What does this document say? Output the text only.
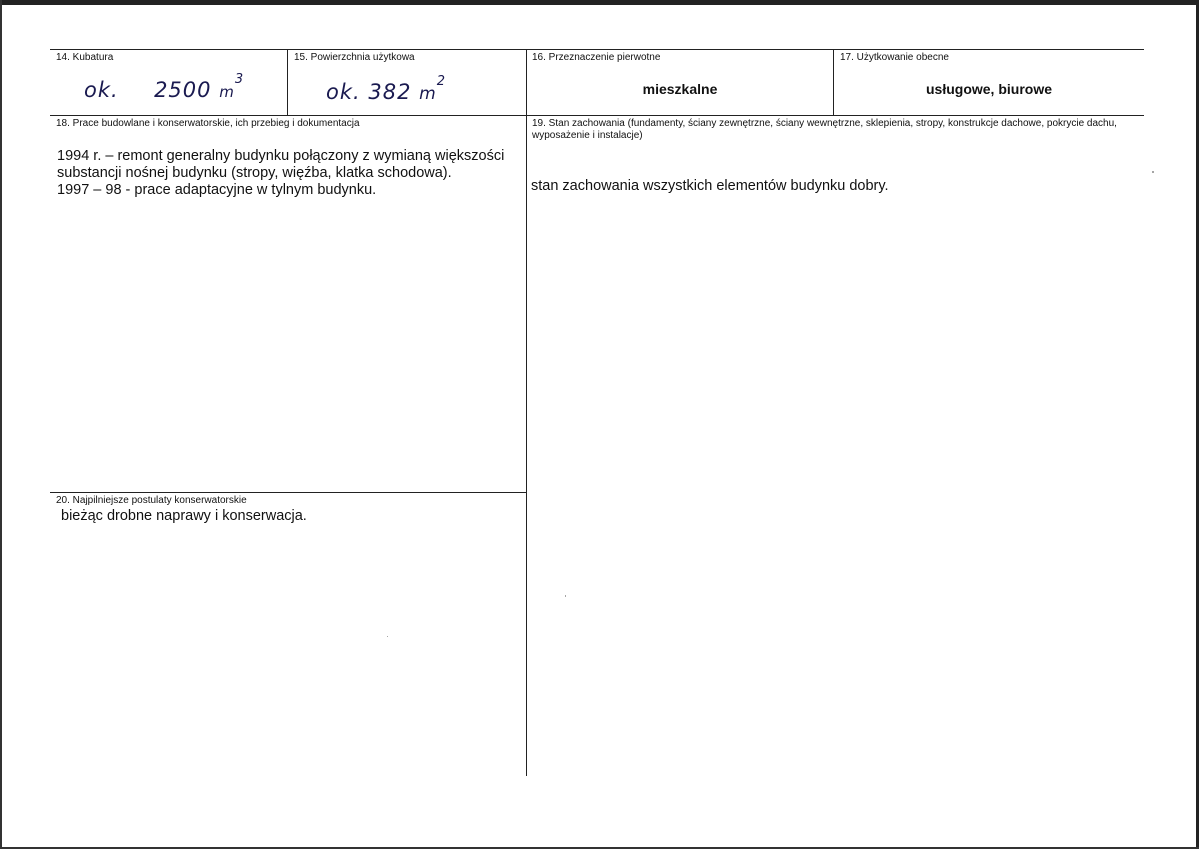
14. Kubatura
ok. 2500 $m^3$
15. Powierzchnia użytkowa
ok. 382 $m^2$
16. Przeznaczenie pierwotne
mieszkalne
17. Użytkowanie obecne
usługowe, biurowe
18. Prace budowlane i konserwatorskie, ich przebieg i dokumentacja
1994 r. – remont generalny budynku połączony z wymianą większości
substancji nośnej budynku (stropy, więźba, klatka schodowa).
1997 – 98 - prace adaptacyjne w tylnym budynku.
19. Stan zachowania (fundamenty, ściany zewnętrzne, ściany wewnętrzne, sklepienia, stropy, konstrukcje dachowe, pokrycie dachu, wyposażenie i instalacje)
stan zachowania wszystkich elementów budynku dobry.
20. Najpilniejsze postulaty konserwatorskie
bieżąc drobne naprawy i konserwacja.
